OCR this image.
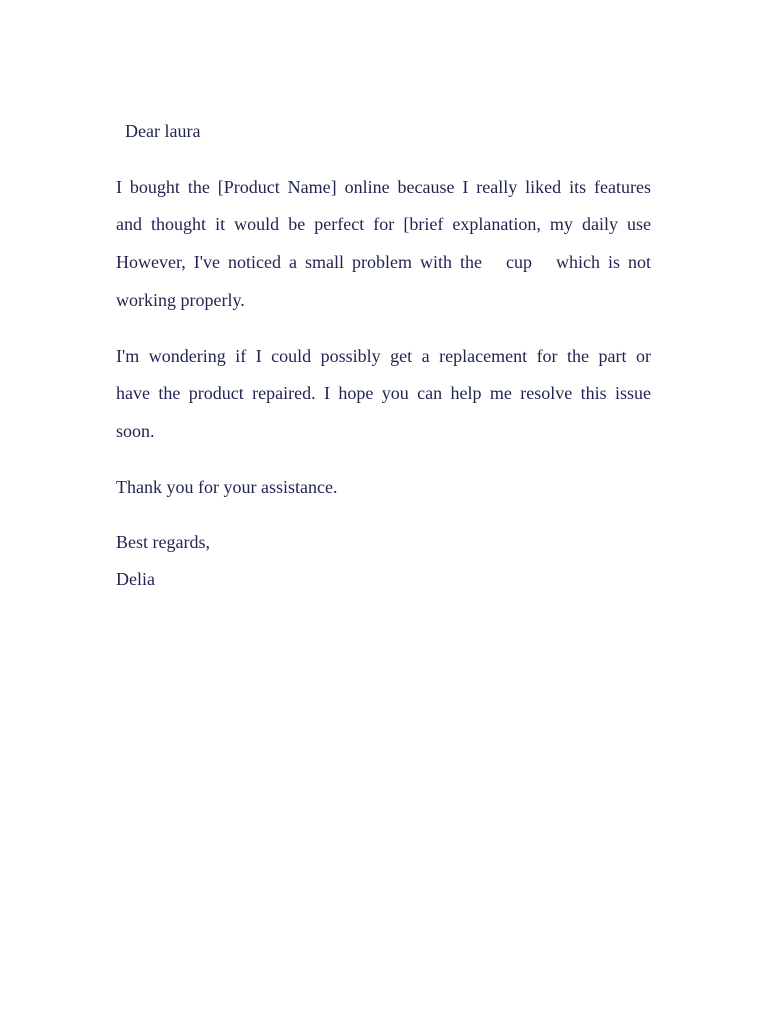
Dear laura

I bought the [Product Name] online because I really liked its features

and thought it would be perfect for [brief explanation, my daily use

However, I've noticed a small problem with the   cup   which is not

working properly.

I'm wondering if I could possibly get a replacement for the part or

have the product repaired. I hope you can help me resolve this issue

soon.

Thank you for your assistance.

Best regards,

Delia
